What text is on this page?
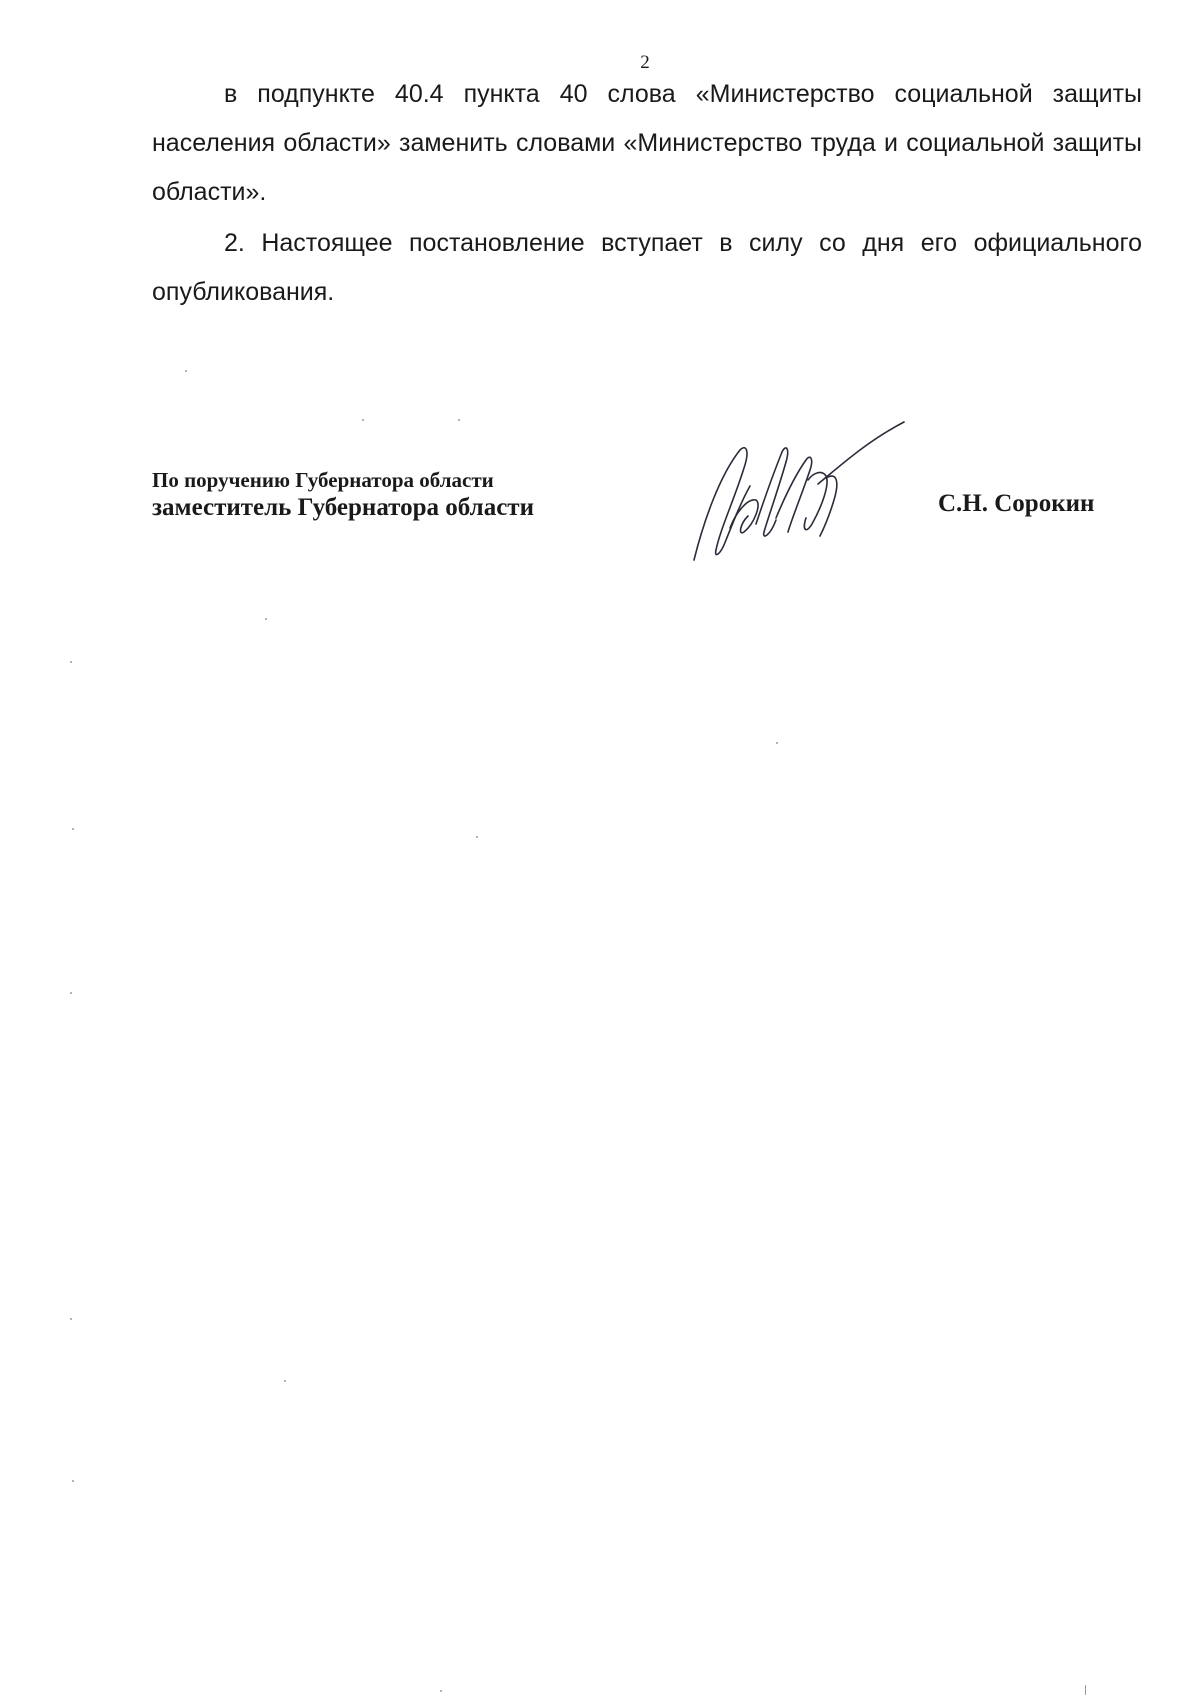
2

в подпункте 40.4 пункта 40 слова «Министерство социальной защиты населения области» заменить словами «Министерство труда и социальной защиты области».

2. Настоящее постановление вступает в силу со дня его официального опубликования.

По поручению Губернатора области
заместитель Губернатора области	С.Н. Сорокин
